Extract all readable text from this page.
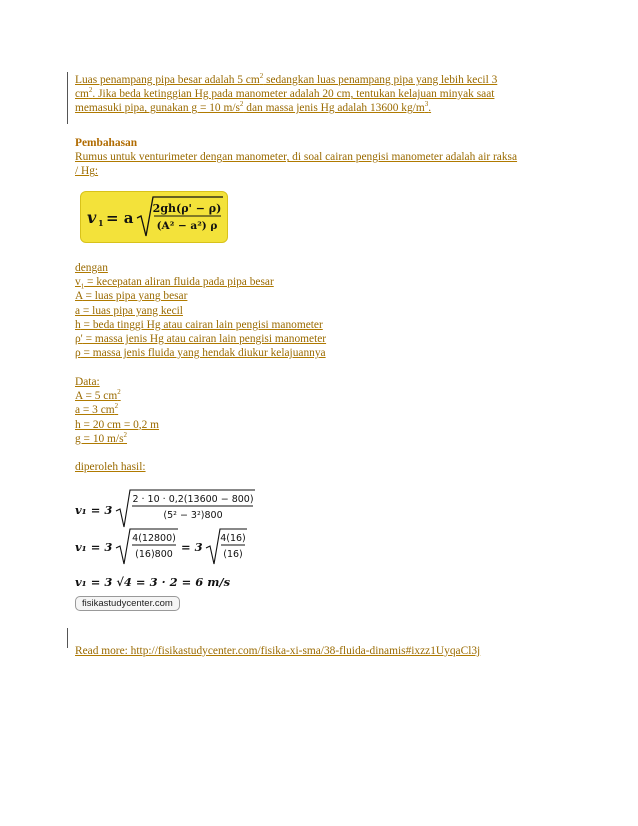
Luas penampang pipa besar adalah 5 $cm^2$ sedangkan luas penampang pipa yang lebih kecil 3
$cm^2$. Jika beda ketinggian Hg pada manometer adalah 20 cm, tentukan kelajuan minyak saat
memasuki pipa, gunakan g = 10 $m/s^2$ dan massa jenis Hg adalah 13600 $kg/m^3$.
Pembahasan
Rumus untuk venturimeter dengan manometer, di soal cairan pengisi manometer adalah air raksa
/ Hg:
v 1 = a
2gh(ρ' − ρ)
(A² − a²) ρ
dengan
$v_1$ = kecepatan aliran fluida pada pipa besar
A = luas pipa yang besar
a = luas pipa yang kecil
h = beda tinggi Hg atau cairan lain pengisi manometer
ρ' = massa jenis Hg atau cairan lain pengisi manometer
ρ = massa jenis fluida yang hendak diukur kelajuannya
Data:
A = 5 $cm^2$
a = 3 $cm^2$
h = 20 cm = 0,2 m
g = 10 $m/s^2$
diperoleh hasil:
v₁ = 3
2 · 10 · 0,2(13600 − 800)
(5² − 3²)800
v₁ = 3
4(12800)
(16)800
= 3
4(16)
(16)
v₁ = 3 √4 = 3 · 2 = 6 m/s
fisikastudycenter.com
Read more: http://fisikastudycenter.com/fisika-xi-sma/38-fluida-dinamis#ixzz1UyqaCl3j
